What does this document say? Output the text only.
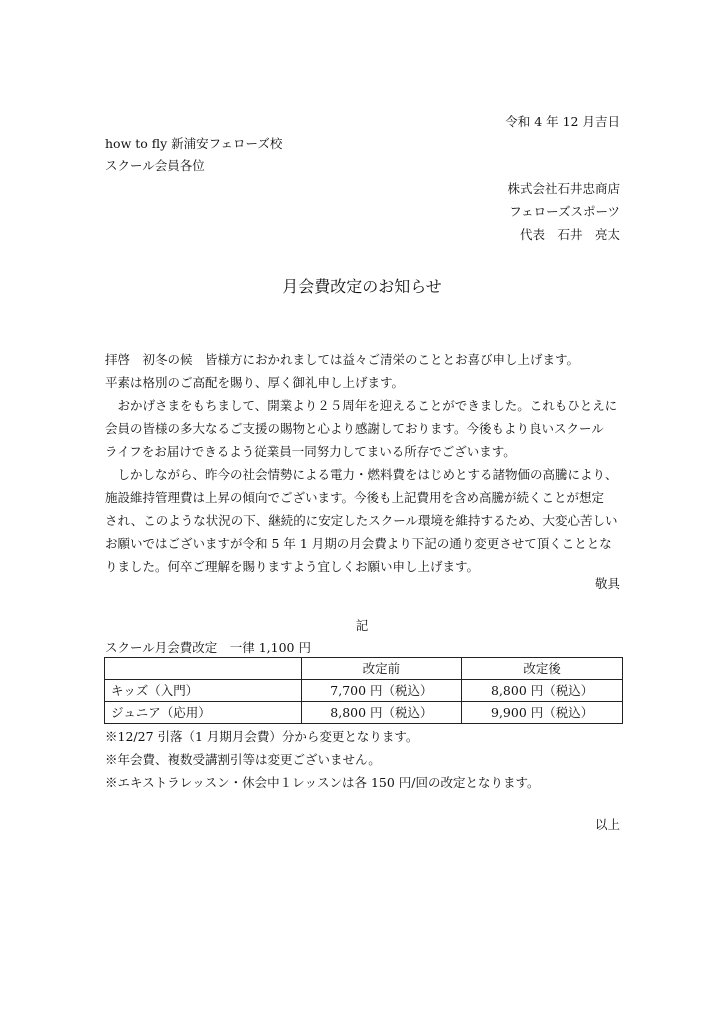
令和 4 年 12 月吉日
how to fly 新浦安フェローズ校
スクール会員各位
株式会社石井忠商店
フェローズスポーツ
代表　石井　亮太
月会費改定のお知らせ
拝啓　初冬の候　皆様方におかれましては益々ご清栄のこととお喜び申し上げます。
平素は格別のご高配を賜り、厚く御礼申し上げます。
　おかげさまをもちまして、開業より２５周年を迎えることができました。これもひとえに
会員の皆様の多大なるご支援の賜物と心より感謝しております。今後もより良いスクール
ライフをお届けできるよう従業員一同努力してまいる所存でございます。
　しかしながら、昨今の社会情勢による電力・燃料費をはじめとする諸物価の高騰により、
施設維持管理費は上昇の傾向でございます。今後も上記費用を含め高騰が続くことが想定
され、このような状況の下、継続的に安定したスクール環境を維持するため、大変心苦しい
お願いではございますが令和 5 年 1 月期の月会費より下記の通り変更させて頂くこととな
りました。何卒ご理解を賜りますよう宜しくお願い申し上げます。
敬具
記
スクール月会費改定　一律 1,100 円
	改定前	改定後
キッズ（入門）	7,700 円（税込）	8,800 円（税込）
ジュニア（応用）	8,800 円（税込）	9,900 円（税込）
※12/27 引落（1 月期月会費）分から変更となります。
※年会費、複数受講割引等は変更ございません。
※エキストラレッスン・休会中１レッスンは各 150 円/回の改定となります。
以上
